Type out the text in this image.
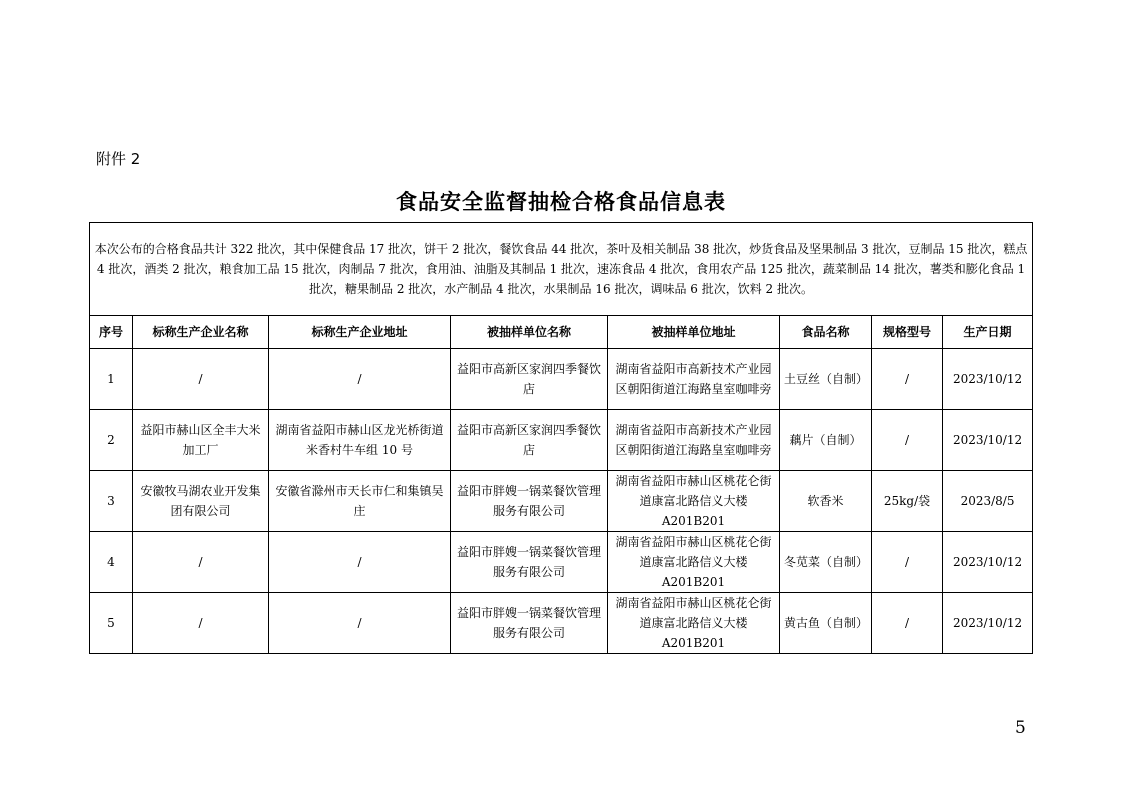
附件 2
食品安全监督抽检合格食品信息表
本次公布的合格食品共计 322 批次，其中保健食品 17 批次，饼干 2 批次，餐饮食品 44 批次，茶叶及相关制品 38 批次，炒货食品及坚果制品 3 批次，豆制品 15 批次，糕点 4 批次，酒类 2 批次，粮食加工品 15 批次，肉制品 7 批次，食用油、油脂及其制品 1 批次，速冻食品 4 批次，食用农产品 125 批次，蔬菜制品 14 批次，薯类和膨化食品 1 批次，糖果制品 2 批次，水产制品 4 批次，水果制品 16 批次，调味品 6 批次，饮料 2 批次。							
序号	标称生产企业名称	标称生产企业地址	被抽样单位名称	被抽样单位地址	食品名称	规格型号	生产日期
1	/	/	益阳市高新区家润四季餐饮店	湖南省益阳市高新技术产业园区朝阳街道江海路皇室咖啡旁	土豆丝（自制）	/	2023/10/12
2	益阳市赫山区全丰大米加工厂	湖南省益阳市赫山区龙光桥街道米香村牛车组 10 号	益阳市高新区家润四季餐饮店	湖南省益阳市高新技术产业园区朝阳街道江海路皇室咖啡旁	藕片（自制）	/	2023/10/12
3	安徽牧马湖农业开发集团有限公司	安徽省滁州市天长市仁和集镇吴庄	益阳市胖嫂一锅菜餐饮管理服务有限公司	湖南省益阳市赫山区桃花仑街道康富北路信义大楼 A201B201	软香米	25kg/袋	2023/8/5
4	/	/	益阳市胖嫂一锅菜餐饮管理服务有限公司	湖南省益阳市赫山区桃花仑街道康富北路信义大楼 A201B201	冬苋菜（自制）	/	2023/10/12
5	/	/	益阳市胖嫂一锅菜餐饮管理服务有限公司	湖南省益阳市赫山区桃花仑街道康富北路信义大楼 A201B201	黄古鱼（自制）	/	2023/10/12
5
